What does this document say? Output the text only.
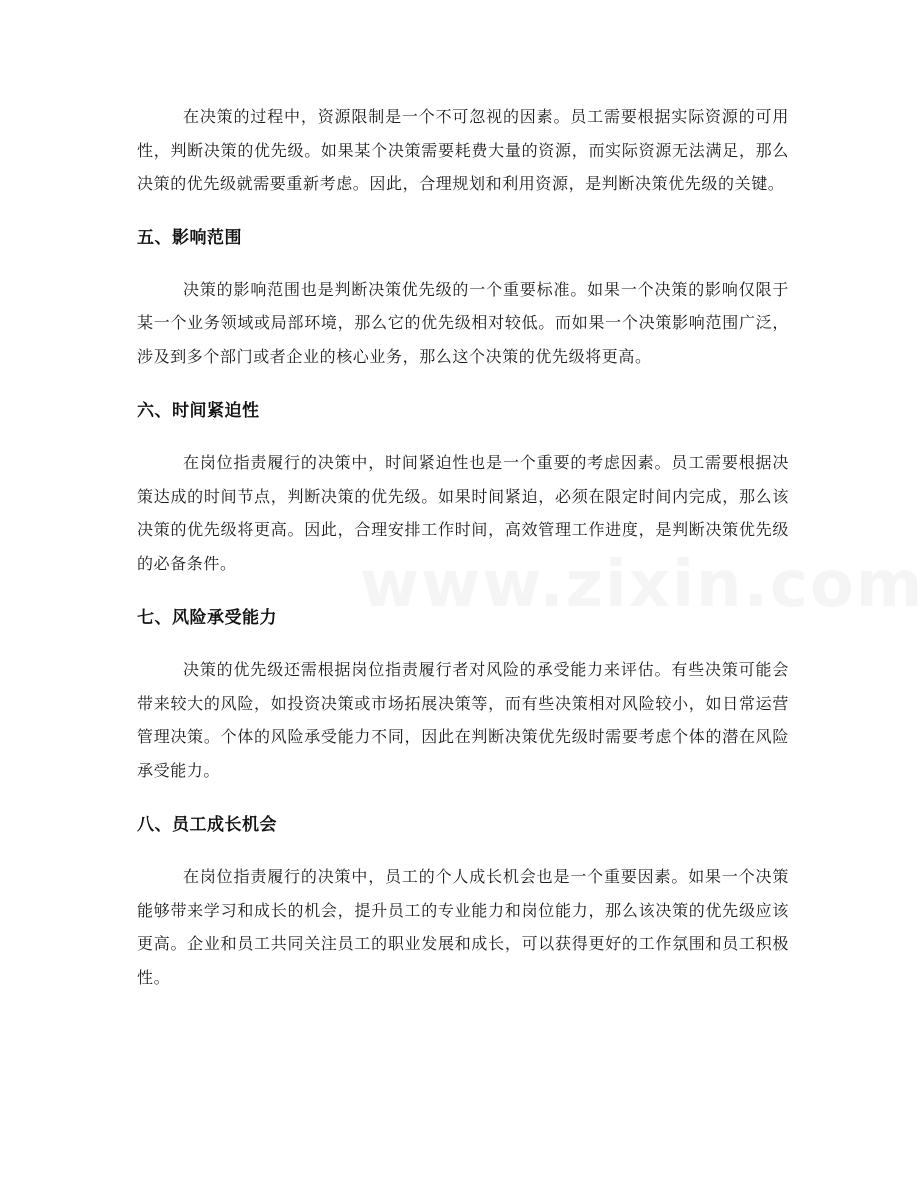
在决策的过程中，资源限制是一个不可忽视的因素。员工需要根据实际资源的可用性，判断决策的优先级。如果某个决策需要耗费大量的资源，而实际资源无法满足，那么决策的优先级就需要重新考虑。因此，合理规划和利用资源，是判断决策优先级的关键。

五、影响范围

决策的影响范围也是判断决策优先级的一个重要标准。如果一个决策的影响仅限于某一个业务领域或局部环境，那么它的优先级相对较低。而如果一个决策影响范围广泛，涉及到多个部门或者企业的核心业务，那么这个决策的优先级将更高。

六、时间紧迫性

在岗位指责履行的决策中，时间紧迫性也是一个重要的考虑因素。员工需要根据决策达成的时间节点，判断决策的优先级。如果时间紧迫，必须在限定时间内完成，那么该决策的优先级将更高。因此，合理安排工作时间，高效管理工作进度，是判断决策优先级的必备条件。

七、风险承受能力

决策的优先级还需根据岗位指责履行者对风险的承受能力来评估。有些决策可能会带来较大的风险，如投资决策或市场拓展决策等，而有些决策相对风险较小，如日常运营管理决策。个体的风险承受能力不同，因此在判断决策优先级时需要考虑个体的潜在风险承受能力。

八、员工成长机会

在岗位指责履行的决策中，员工的个人成长机会也是一个重要因素。如果一个决策能够带来学习和成长的机会，提升员工的专业能力和岗位能力，那么该决策的优先级应该更高。企业和员工共同关注员工的职业发展和成长，可以获得更好的工作氛围和员工积极性。
